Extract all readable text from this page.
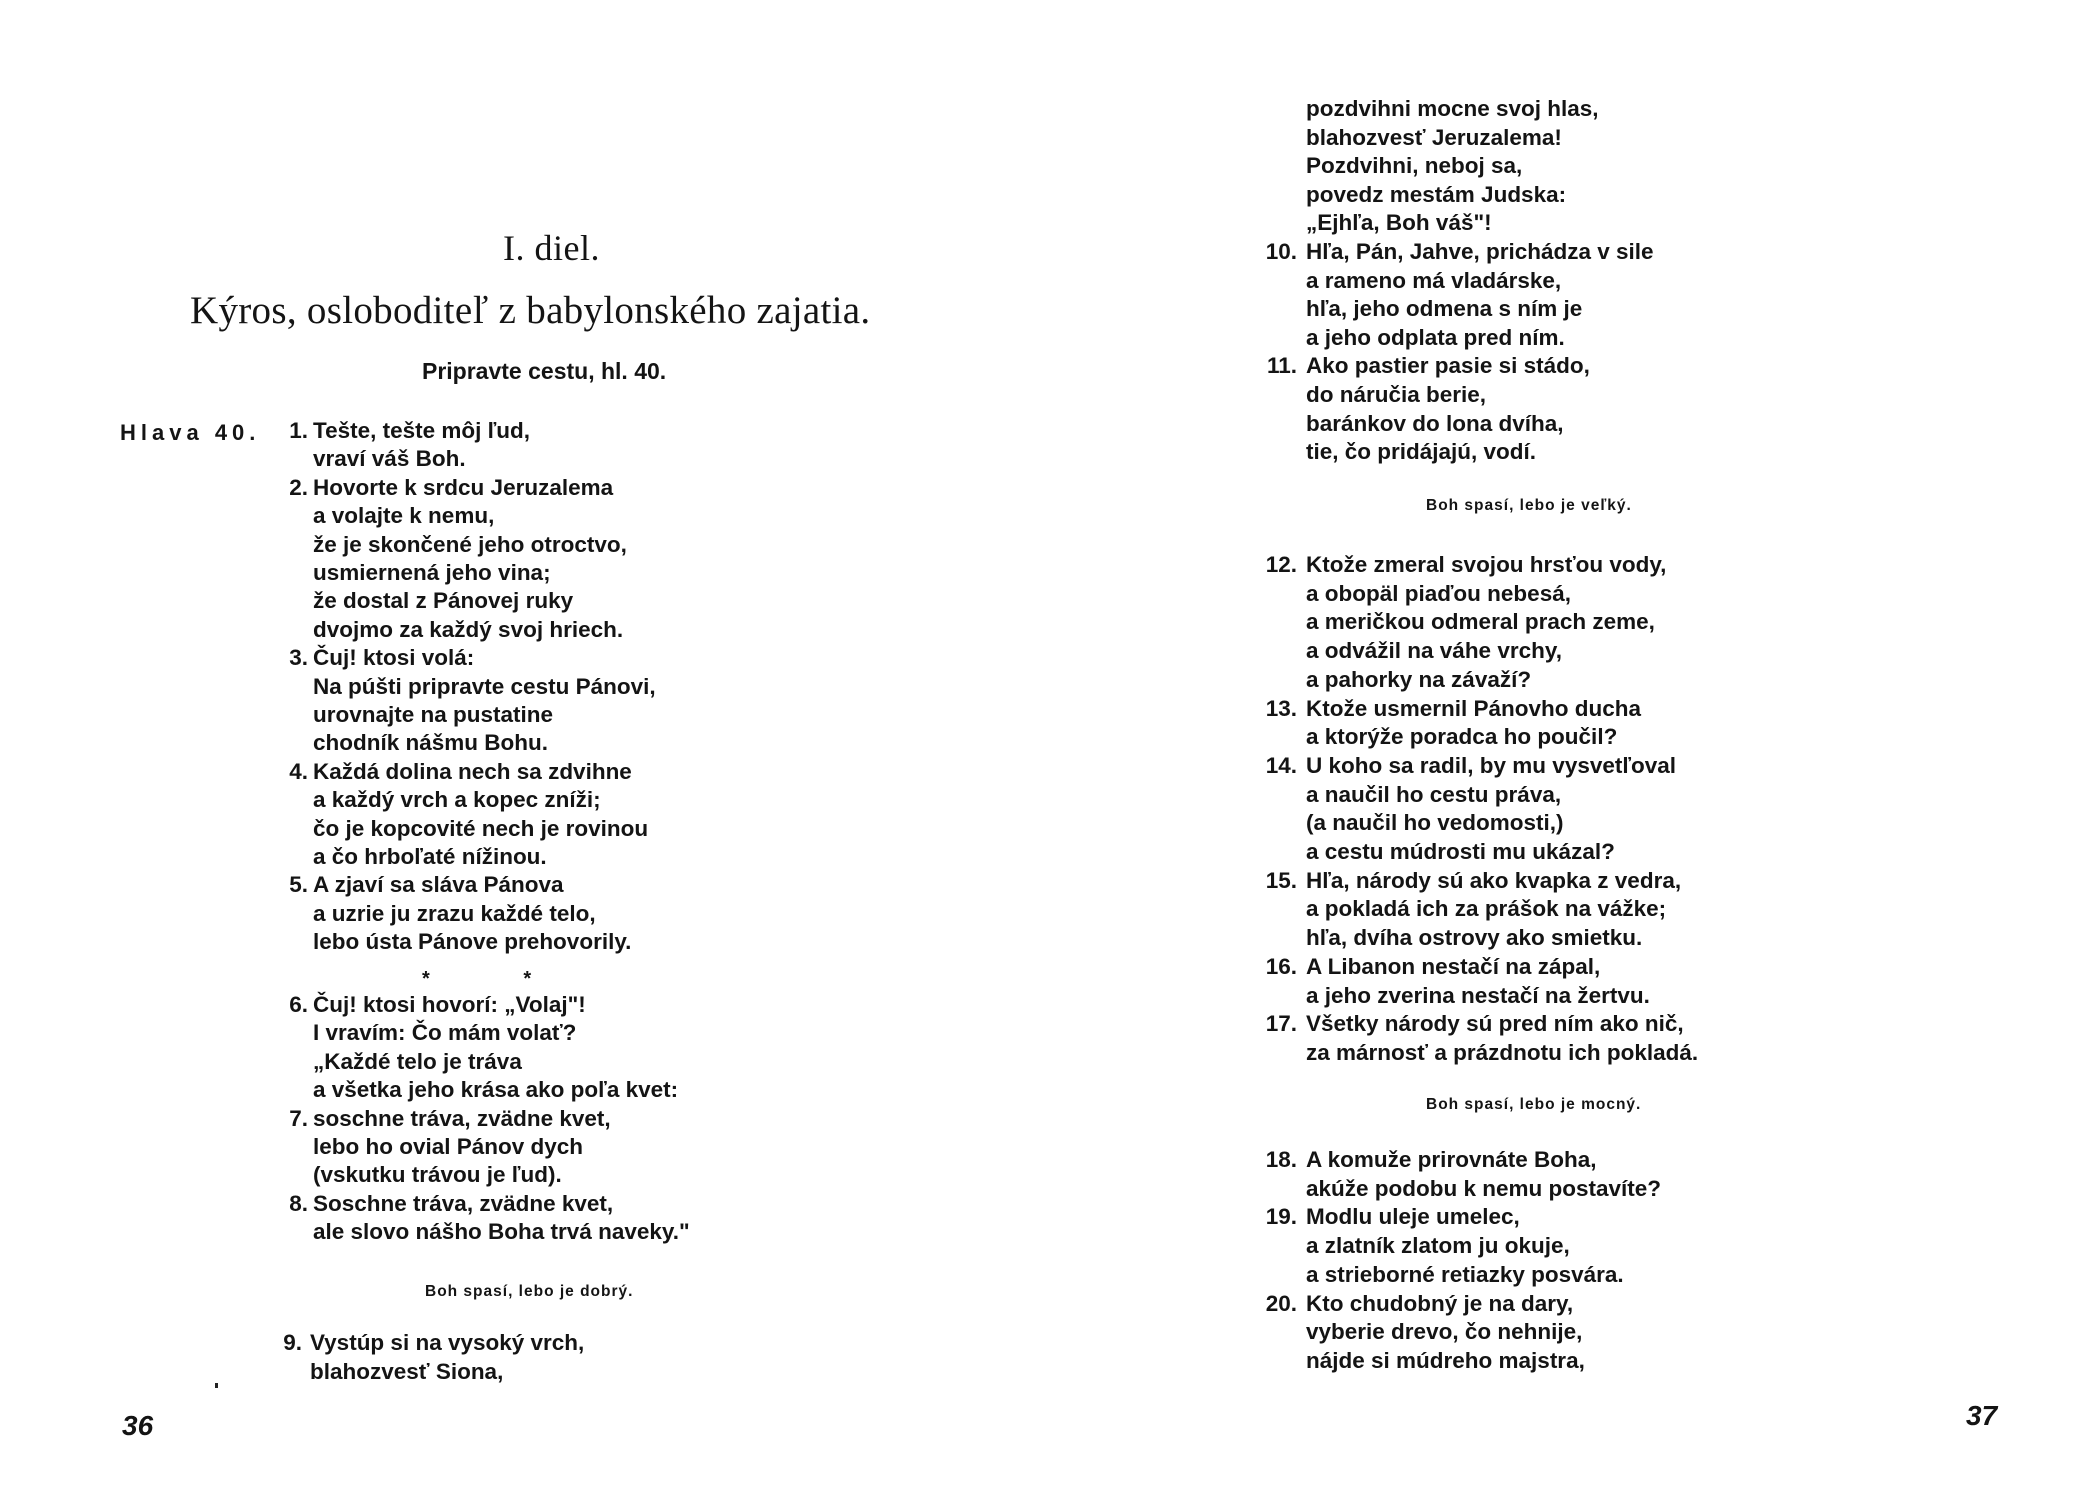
I. diel.
Kýros, osloboditeľ z babylonského zajatia.
Pripravte cestu, hl. 40.
Hlava 40.	1. Tešte, tešte môj ľud,
vraví váš Boh.
2. Hovorte k srdcu Jeruzalema
a volajte k nemu,
že je skončené jeho otroctvo,
usmiernená jeho vina;
že dostal z Pánovej ruky
dvojmo za každý svoj hriech.
3. Čuj! ktosi volá:
Na púšti pripravte cestu Pánovi,
urovnajte na pustatine
chodník nášmu Bohu.
4. Každá dolina nech sa zdvihne
a každý vrch a kopec zníži;
čo je kopcovité nech je rovinou
a čo hrboľaté nížinou.
5. A zjaví sa sláva Pánova
a uzrie ju zrazu každé telo,
lebo ústa Pánove prehovorily.
* *
6. Čuj! ktosi hovorí: „Volaj"!
I vravím: Čo mám volať?
„Každé telo je tráva
a všetka jeho krása ako poľa kvet:
7. soschne tráva, zvädne kvet,
lebo ho ovial Pánov dych
(vskutku trávou je ľud).
8. Soschne tráva, zvädne kvet,
ale slovo nášho Boha trvá naveky."
Boh spasí, lebo je dobrý.
9. Vystúp si na vysoký vrch,
blahozvesť Siona,
36
pozdvihni mocne svoj hlas,
blahozvesť Jeruzalema!
Pozdvihni, neboj sa,
povedz mestám Judska:
„Ejhľa, Boh váš"!
10. Hľa, Pán, Jahve, prichádza v sile
a rameno má vladárske,
hľa, jeho odmena s ním je
a jeho odplata pred ním.
11. Ako pastier pasie si stádo,
do náručia berie,
baránkov do lona dvíha,
tie, čo pridájajú, vodí.
Boh spasí, lebo je veľký.
12. Ktože zmeral svojou hrsťou vody,
a obopäl piaďou nebesá,
a meričkou odmeral prach zeme,
a odvážil na váhe vrchy,
a pahorky na závaží?
13. Ktože usmernil Pánovho ducha
a ktorýže poradca ho poučil?
14. U koho sa radil, by mu vysvetľoval
a naučil ho cestu práva,
(a naučil ho vedomosti,)
a cestu múdrosti mu ukázal?
15. Hľa, národy sú ako kvapka z vedra,
a pokladá ich za prášok na vážke;
hľa, dvíha ostrovy ako smietku.
16. A Libanon nestačí na zápal,
a jeho zverina nestačí na žertvu.
17. Všetky národy sú pred ním ako nič,
za márnosť a prázdnotu ich pokladá.
Boh spasí, lebo je mocný.
18. A komuže prirovnáte Boha,
akúže podobu k nemu postavíte?
19. Modlu uleje umelec,
a zlatník zlatom ju okuje,
a strieborné retiazky posvára.
20. Kto chudobný je na dary,
vyberie drevo, čo nehnije,
nájde si múdreho majstra,
37
